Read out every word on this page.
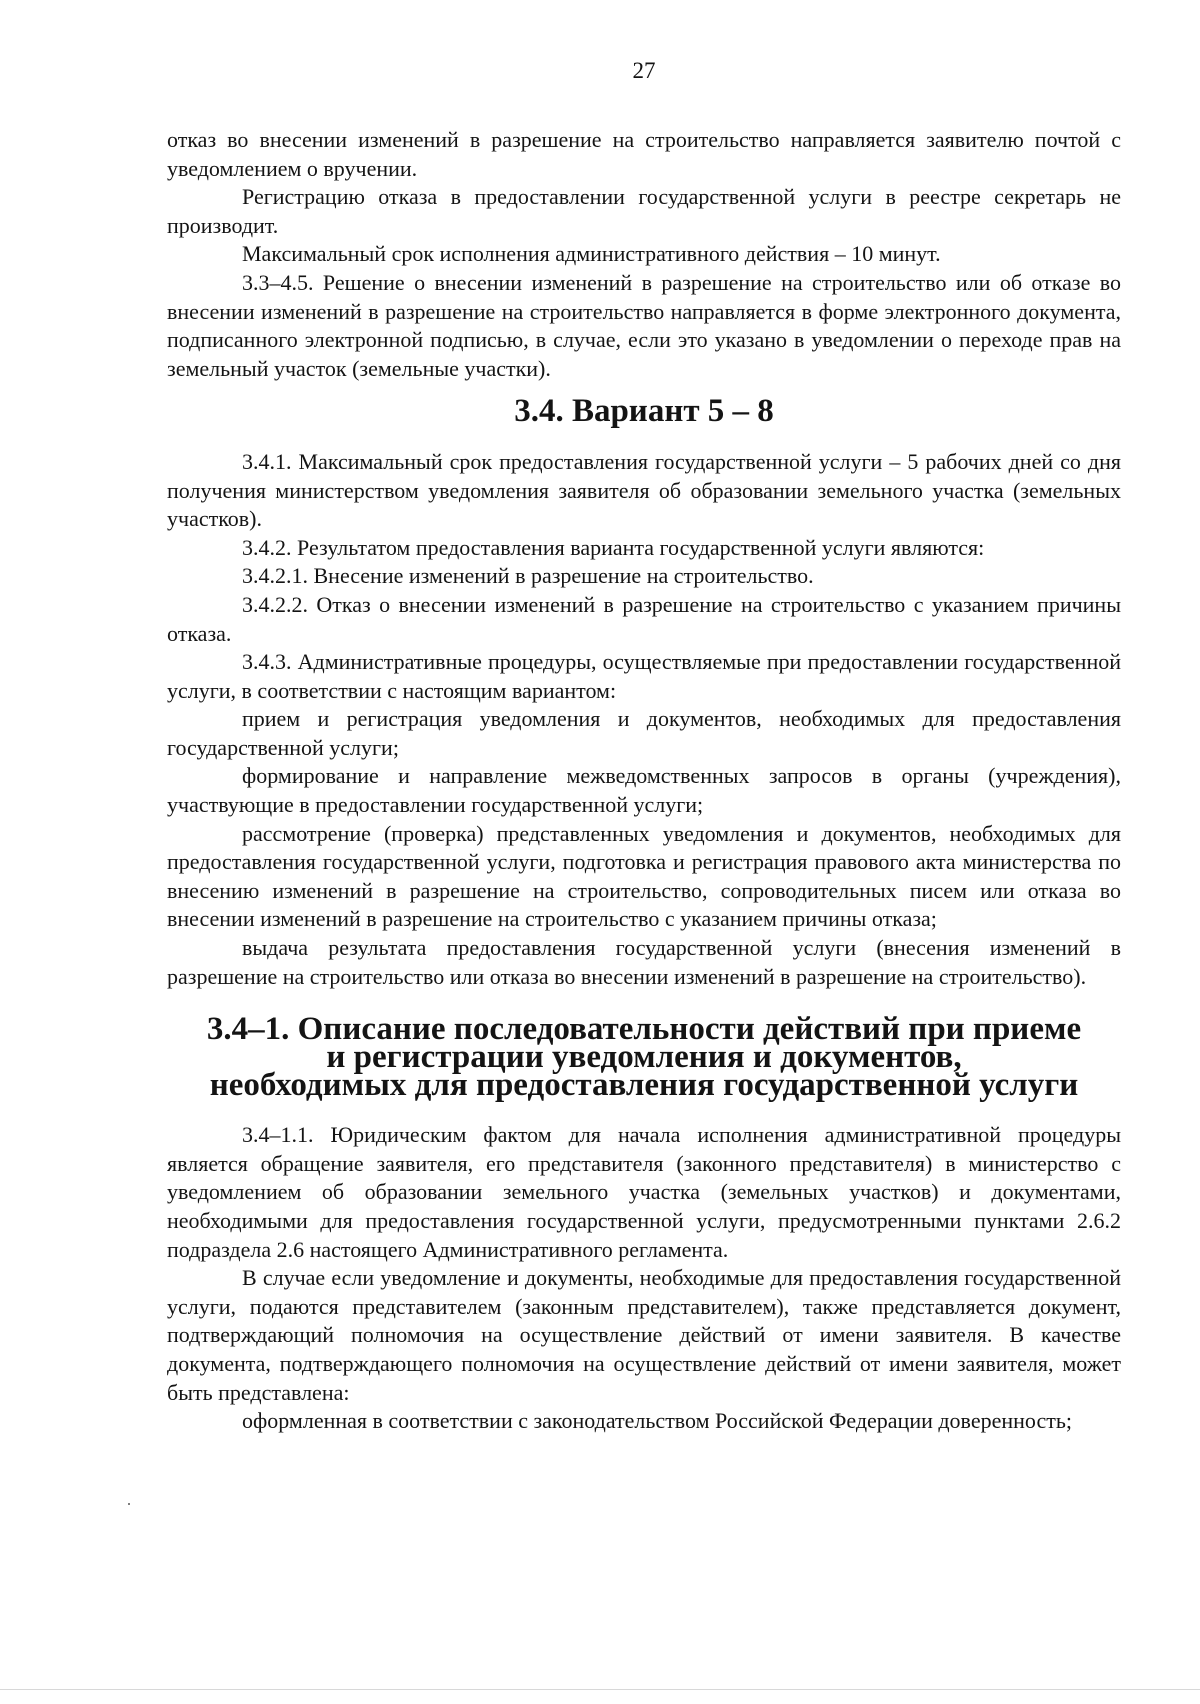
27

отказ во внесении изменений в разрешение на строительство направляется заявителю почтой с уведомлением о вручении.

Регистрацию отказа в предоставлении государственной услуги в реестре секретарь не производит.

Максимальный срок исполнения административного действия – 10 минут.

3.3–4.5. Решение о внесении изменений в разрешение на строительство или об отказе во внесении изменений в разрешение на строительство направляется в форме электронного документа, подписанного электронной подписью, в случае, если это указано в уведомлении о переходе прав на земельный участок (земельные участки).

3.4. Вариант 5 – 8

3.4.1. Максимальный срок предоставления государственной услуги – 5 рабочих дней со дня получения министерством уведомления заявителя об образовании земельного участка (земельных участков).

3.4.2. Результатом предоставления варианта государственной услуги являются:

3.4.2.1. Внесение изменений в разрешение на строительство.

3.4.2.2. Отказ о внесении изменений в разрешение на строительство с указанием причины отказа.

3.4.3. Административные процедуры, осуществляемые при предоставлении государственной услуги, в соответствии с настоящим вариантом:

прием и регистрация уведомления и документов, необходимых для предоставления государственной услуги;

формирование и направление межведомственных запросов в органы (учреждения), участвующие в предоставлении государственной услуги;

рассмотрение (проверка) представленных уведомления и документов, необходимых для предоставления государственной услуги, подготовка и регистрация правового акта министерства по внесению изменений в разрешение на строительство, сопроводительных писем или отказа во внесении изменений в разрешение на строительство с указанием причины отказа;

выдача результата предоставления государственной услуги (внесения изменений в разрешение на строительство или отказа во внесении изменений в разрешение на строительство).

3.4–1. Описание последовательности действий при приеме
и регистрации уведомления и документов,
необходимых для предоставления государственной услуги

3.4–1.1. Юридическим фактом для начала исполнения административной процедуры является обращение заявителя, его представителя (законного представителя) в министерство с уведомлением об образовании земельного участка (земельных участков) и документами, необходимыми для предоставления государственной услуги, предусмотренными пунктами 2.6.2 подраздела 2.6 настоящего Административного регламента.

В случае если уведомление и документы, необходимые для предоставления государственной услуги, подаются представителем (законным представителем), также представляется документ, подтверждающий полномочия на осуществление действий от имени заявителя. В качестве документа, подтверждающего полномочия на осуществление действий от имени заявителя, может быть представлена:

оформленная в соответствии с законодательством Российской Федерации доверенность;
